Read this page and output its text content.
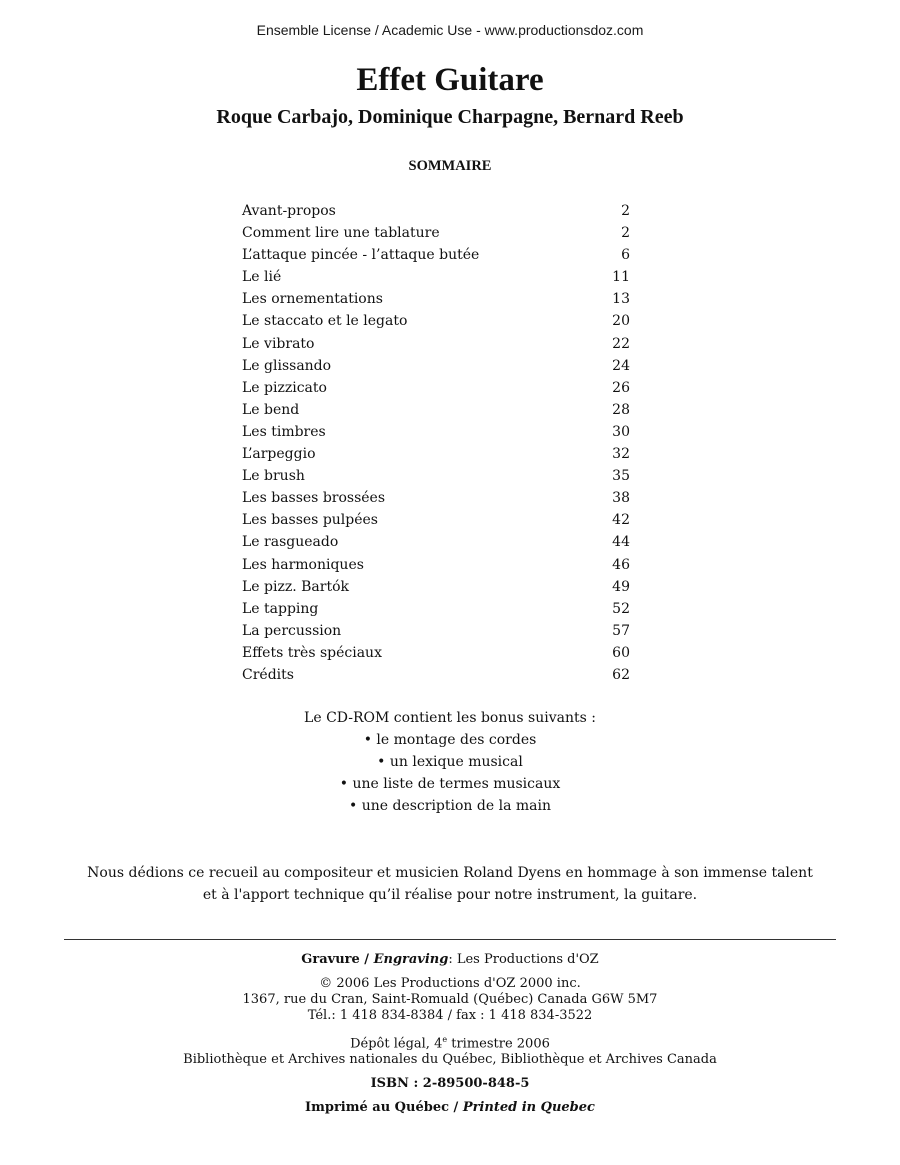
Ensemble License / Academic Use - www.productionsdoz.com
Effet Guitare
Roque Carbajo, Dominique Charpagne, Bernard Reeb
SOMMAIRE
Avant-propos	2
Comment lire une tablature	2
L’attaque pincée - l’attaque butée	6
Le lié	11
Les ornementations	13
Le staccato et le legato	20
Le vibrato	22
Le glissando	24
Le pizzicato	26
Le bend	28
Les timbres	30
L’arpeggio	32
Le brush	35
Les basses brossées	38
Les basses pulpées	42
Le rasgueado	44
Les harmoniques	46
Le pizz. Bartók	49
Le tapping	52
La percussion	57
Effets très spéciaux	60
Crédits	62
Le CD-ROM contient les bonus suivants :
• le montage des cordes
• un lexique musical
• une liste de termes musicaux
• une description de la main
Nous dédions ce recueil au compositeur et musicien Roland Dyens en hommage à son immense talent
et à l'apport technique qu’il réalise pour notre instrument, la guitare.
Gravure / Engraving: Les Productions d'OZ
© 2006 Les Productions d'OZ 2000 inc.
1367, rue du Cran, Saint-Romuald (Québec) Canada G6W 5M7
Tél.: 1 418 834-8384 / fax : 1 418 834-3522
Dépôt légal, 4e trimestre 2006
Bibliothèque et Archives nationales du Québec, Bibliothèque et Archives Canada
ISBN : 2-89500-848-5
Imprimé au Québec / Printed in Quebec
